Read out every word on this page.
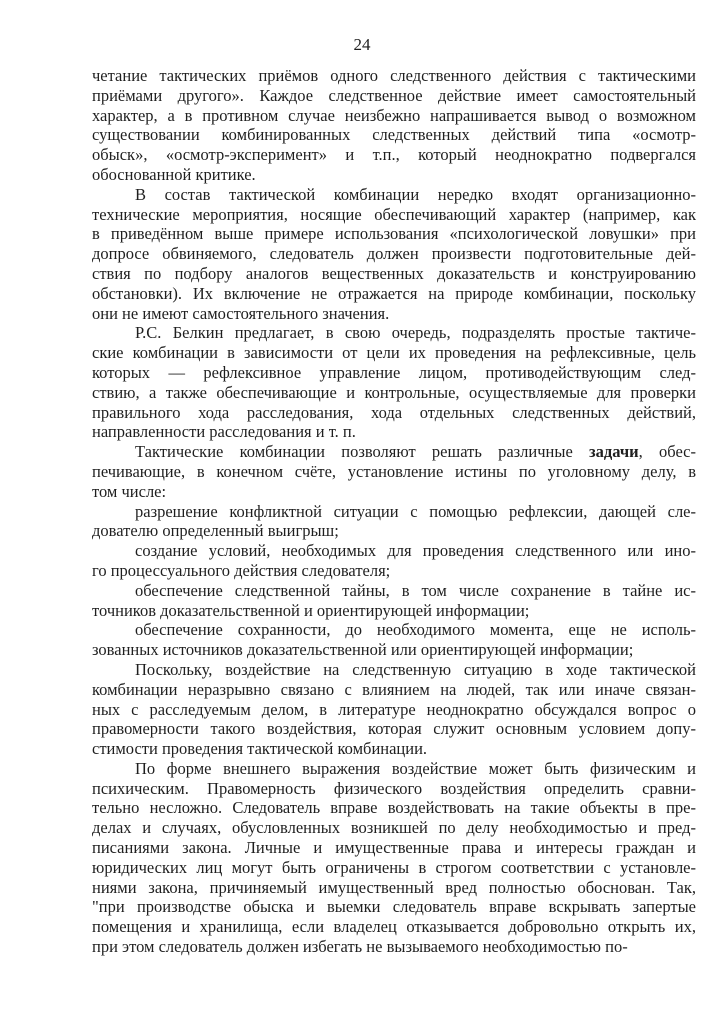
24
четание тактических приёмов одного следственного действия с тактическими
приёмами другого». Каждое следственное действие имеет самостоятельный
характер, а в противном случае неизбежно напрашивается вывод о возможном
существовании комбинированных следственных действий типа «осмотр-
обыск», «осмотр-эксперимент» и т.п., который неоднократно подвергался
обоснованной критике.
В состав тактической комбинации нередко входят организационно-
технические мероприятия, носящие обеспечивающий характер (например, как
в приведённом выше примере использования «психологической ловушки» при
допросе обвиняемого, следователь должен произвести подготовительные дей-
ствия по подбору аналогов вещественных доказательств и конструированию
обстановки). Их включение не отражается на природе комбинации, поскольку
они не имеют самостоятельного значения.
Р.С. Белкин предлагает, в свою очередь, подразделять простые тактиче-
ские комбинации в зависимости от цели их проведения на рефлексивные, цель
которых — рефлексивное управление лицом, противодействующим след-
ствию, а также обеспечивающие и контрольные, осуществляемые для проверки
правильного хода расследования, хода отдельных следственных действий,
направленности расследования и т. п.
Тактические комбинации позволяют решать различные задачи, обес-
печивающие, в конечном счёте, установление истины по уголовному делу, в
том числе:
разрешение конфликтной ситуации с помощью рефлексии, дающей сле-
дователю определенный выигрыш;
создание условий, необходимых для проведения следственного или ино-
го процессуального действия следователя;
обеспечение следственной тайны, в том числе сохранение в тайне ис-
точников доказательственной и ориентирующей информации;
обеспечение сохранности, до необходимого момента, еще не исполь-
зованных источников доказательственной или ориентирующей информации;
Поскольку, воздействие на следственную ситуацию в ходе тактической
комбинации неразрывно связано с влиянием на людей, так или иначе связан-
ных с расследуемым делом, в литературе неоднократно обсуждался вопрос о
правомерности такого воздействия, которая служит основным условием допу-
стимости проведения тактической комбинации.
По форме внешнего выражения воздействие может быть физическим и
психическим. Правомерность физического воздействия определить сравни-
тельно несложно. Следователь вправе воздействовать на такие объекты в пре-
делах и случаях, обусловленных возникшей по делу необходимостью и пред-
писаниями закона. Личные и имущественные права и интересы граждан и
юридических лиц могут быть ограничены в строгом соответствии с установле-
ниями закона, причиняемый имущественный вред полностью обоснован. Так,
"при производстве обыска и выемки следователь вправе вскрывать запертые
помещения и хранилища, если владелец отказывается добровольно открыть их,
при этом следователь должен избегать не вызываемого необходимостью по-
